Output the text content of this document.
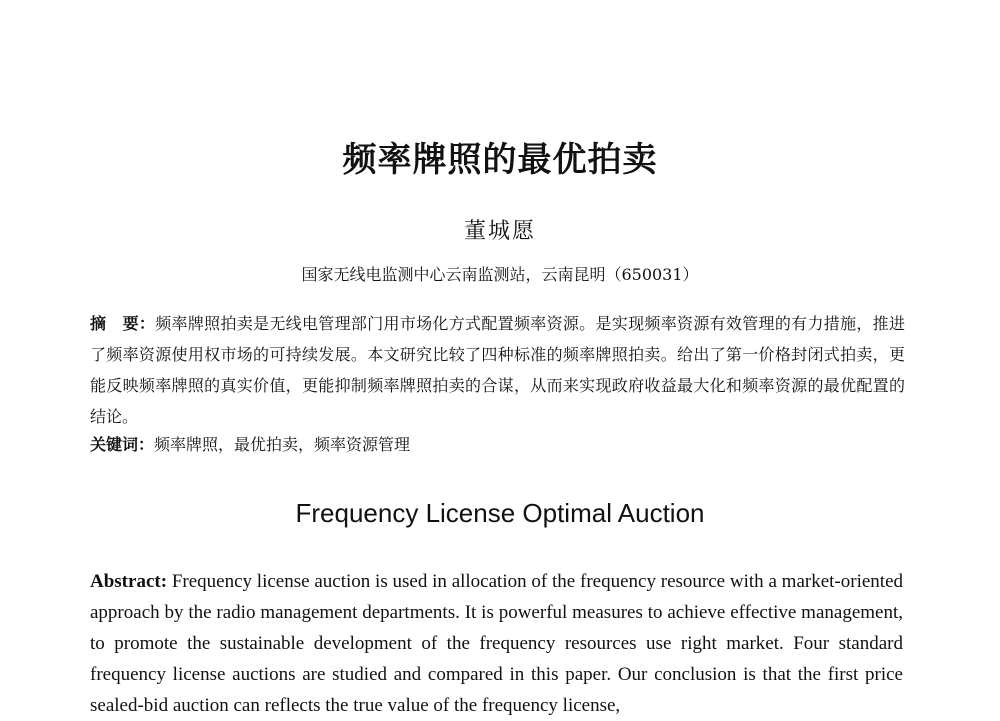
频率牌照的最优拍卖
董城愿
国家无线电监测中心云南监测站，云南昆明（650031）

摘　要：频率牌照拍卖是无线电管理部门用市场化方式配置频率资源。是实现频率资源有效管理的有力措施，推进了频率资源使用权市场的可持续发展。本文研究比较了四种标准的频率牌照拍卖。给出了第一价格封闭式拍卖，更能反映频率牌照的真实价值，更能抑制频率牌照拍卖的合谋，从而来实现政府收益最大化和频率资源的最优配置的结论。

关键词：频率牌照，最优拍卖，频率资源管理

Frequency License Optimal Auction

Abstract: Frequency license auction is used in allocation of the frequency resource with a market-oriented approach by the radio management departments. It is powerful measures to achieve effective management, to promote the sustainable development of the frequency resources use right market. Four standard frequency license auctions are studied and compared in this paper. Our conclusion is that the first price sealed-bid auction can reflects the true value of the frequency license,
